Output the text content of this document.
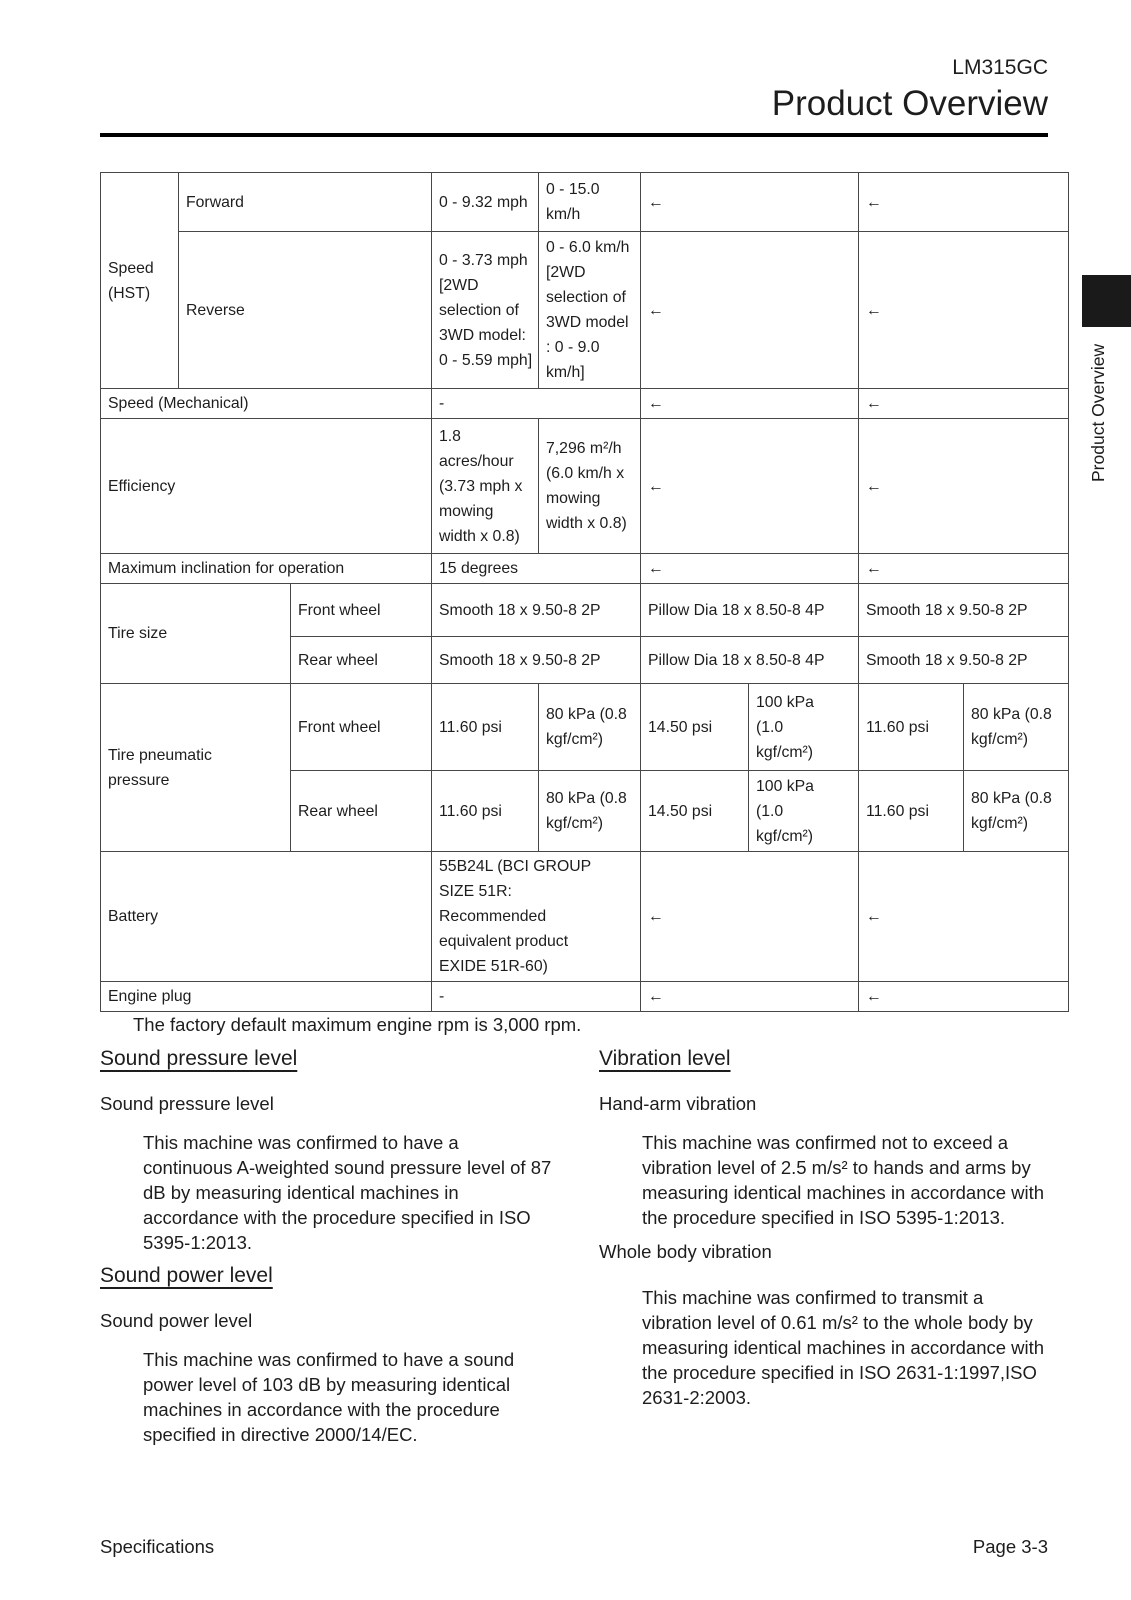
LM315GC
Product Overview
Product Overview
Speed (HST)	Forward		0 - 9.32 mph	0 - 15.0 km/h	←		←	
	Reverse		0 - 3.73 mph [2WD selection of 3WD model: 0 - 5.59 mph]	0 - 6.0 km/h [2WD selection of 3WD model : 0 - 9.0 km/h]	←		←	
Speed (Mechanical)			-		←		←	
Efficiency			1.8 acres/hour (3.73 mph x mowing width x 0.8)	7,296 m²/h (6.0 km/h x mowing width x 0.8)	←		←	
Maximum inclination for operation			15 degrees		←		←	
Tire size		Front wheel	Smooth 18 x 9.50-8 2P		Pillow Dia 18 x 8.50-8 4P		Smooth 18 x 9.50-8 2P	
		Rear wheel	Smooth 18 x 9.50-8 2P		Pillow Dia 18 x 8.50-8 4P		Smooth 18 x 9.50-8 2P	
Tire pneumatic pressure		Front wheel	11.60 psi	80 kPa (0.8 kgf/cm²)	14.50 psi	100 kPa (1.0 kgf/cm²)	11.60 psi	80 kPa (0.8 kgf/cm²)
		Rear wheel	11.60 psi	80 kPa (0.8 kgf/cm²)	14.50 psi	100 kPa (1.0 kgf/cm²)	11.60 psi	80 kPa (0.8 kgf/cm²)
Battery			55B24L (BCI GROUP SIZE 51R: Recommended equivalent product EXIDE 51R-60)		←		←	
Engine plug			-		←		←	
The factory default maximum engine rpm is 3,000 rpm.
Sound pressure level
Sound pressure level

This machine was confirmed to have a continuous A-weighted sound pressure level of 87 dB by measuring identical machines in accordance with the procedure specified in ISO 5395-1:2013.

Sound power level
Sound power level

This machine was confirmed to have a sound power level of 103 dB by measuring identical machines in accordance with the procedure specified in directive 2000/14/EC.

Vibration level
Hand-arm vibration

This machine was confirmed not to exceed a vibration level of 2.5 m/s² to hands and arms by measuring identical machines in accordance with the procedure specified in ISO 5395-1:2013.

Whole body vibration

This machine was confirmed to transmit a vibration level of 0.61 m/s² to the whole body by measuring identical machines in accordance with the procedure specified in ISO 2631-1:1997,ISO 2631-2:2003.

Specifications	Page 3-3
